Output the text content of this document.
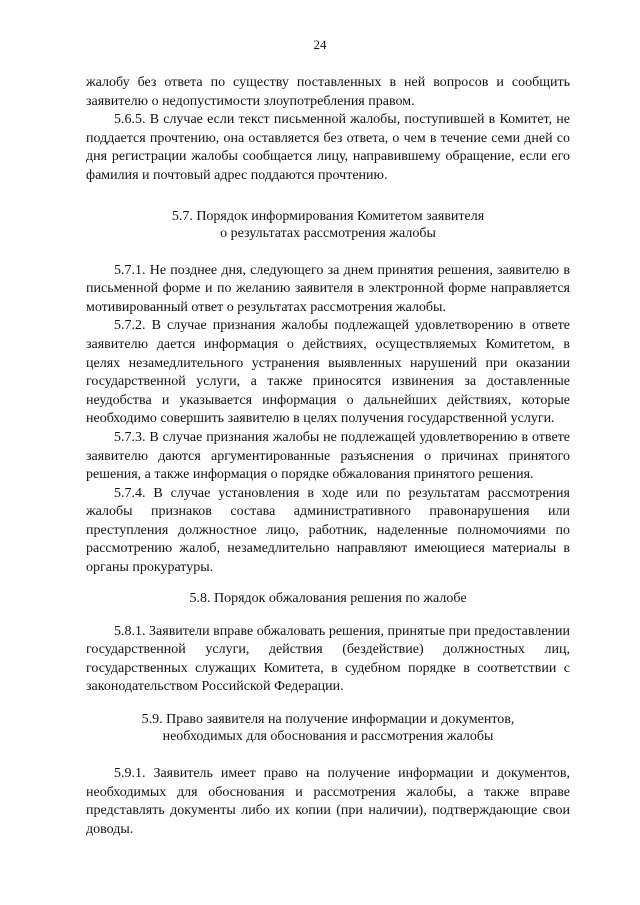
24

жалобу без ответа по существу поставленных в ней вопросов и сообщить заявителю о недопустимости злоупотребления правом.

5.6.5. В случае если текст письменной жалобы, поступившей в Комитет, не поддается прочтению, она оставляется без ответа, о чем в течение семи дней со дня регистрации жалобы сообщается лицу, направившему обращение, если его фамилия и почтовый адрес поддаются прочтению.

5.7. Порядок информирования Комитетом заявителя
о результатах рассмотрения жалобы

5.7.1. Не позднее дня, следующего за днем принятия решения, заявителю в письменной форме и по желанию заявителя в электронной форме направляется мотивированный ответ о результатах рассмотрения жалобы.

5.7.2. В случае признания жалобы подлежащей удовлетворению в ответе заявителю дается информация о действиях, осуществляемых Комитетом, в целях незамедлительного устранения выявленных нарушений при оказании государственной услуги, а также приносятся извинения за доставленные неудобства и указывается информация о дальнейших действиях, которые необходимо совершить заявителю в целях получения государственной услуги.

5.7.3. В случае признания жалобы не подлежащей удовлетворению в ответе заявителю даются аргументированные разъяснения о причинах принятого решения, а также информация о порядке обжалования принятого решения.

5.7.4. В случае установления в ходе или по результатам рассмотрения жалобы признаков состава административного правонарушения или преступления должностное лицо, работник, наделенные полномочиями по рассмотрению жалоб, незамедлительно направляют имеющиеся материалы в органы прокуратуры.

5.8. Порядок обжалования решения по жалобе

5.8.1. Заявители вправе обжаловать решения, принятые при предоставлении государственной услуги, действия (бездействие) должностных лиц, государственных служащих Комитета, в судебном порядке в соответствии с законодательством Российской Федерации.

5.9. Право заявителя на получение информации и документов,
необходимых для обоснования и рассмотрения жалобы

5.9.1. Заявитель имеет право на получение информации и документов, необходимых для обоснования и рассмотрения жалобы, а также вправе представлять документы либо их копии (при наличии), подтверждающие свои доводы.
